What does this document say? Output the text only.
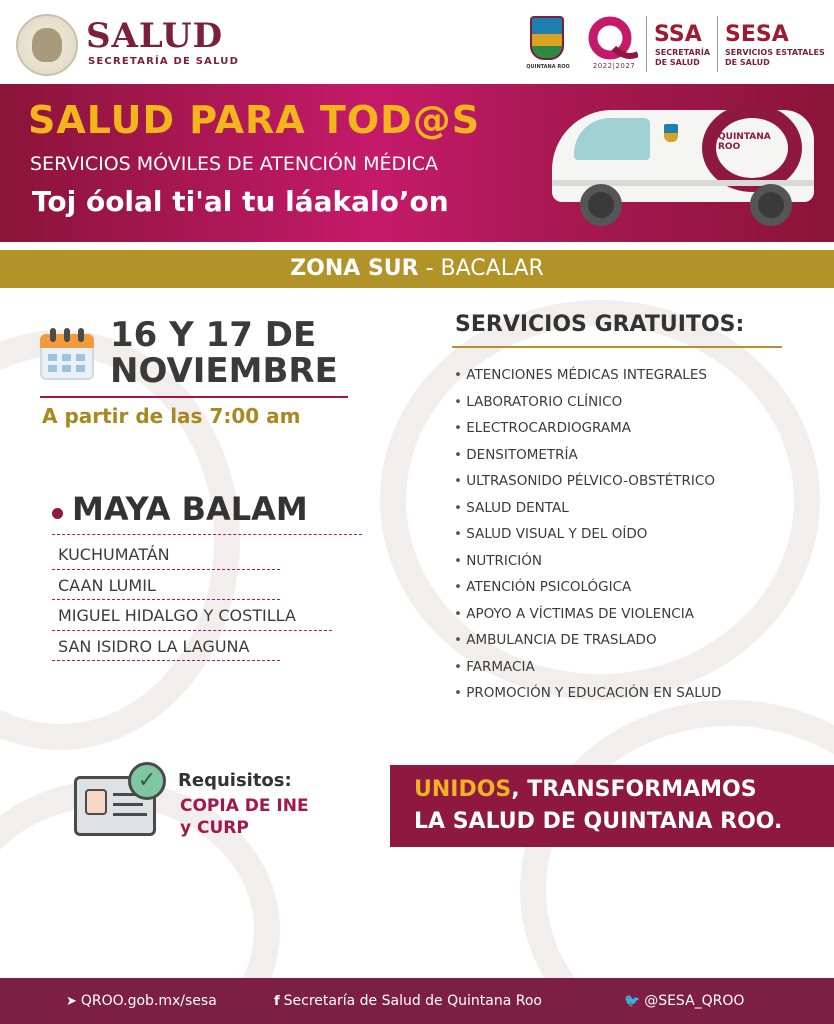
SALUD
SECRETARÍA DE SALUD	QUINTANA ROO	2022|2027
SSA
SECRETARÍA
DE SALUD
SESA
SERVICIOS ESTATALES
DE SALUD
SALUD PARA TOD@S
SERVICIOS MÓVILES DE ATENCIÓN MÉDICA
Toj óolal ti'al tu láakalo’on
QUINTANA
ROO
ZONA SUR - BACALAR
16 Y 17 DE
NOVIEMBRE
A partir de las 7:00 am
MAYA BALAM
KUCHUMATÁN
CAAN LUMIL
MIGUEL HIDALGO Y COSTILLA
SAN ISIDRO LA LAGUNA
SERVICIOS GRATUITOS:
• ATENCIONES MÉDICAS INTEGRALES
• LABORATORIO CLÍNICO
• ELECTROCARDIOGRAMA
• DENSITOMETRÍA
• ULTRASONIDO PÉLVICO-OBSTÉTRICO
• SALUD DENTAL
• SALUD VISUAL Y DEL OÍDO
• NUTRICIÓN
• ATENCIÓN PSICOLÓGICA
• APOYO A VÍCTIMAS DE VIOLENCIA
• AMBULANCIA DE TRASLADO
• FARMACIA
• PROMOCIÓN Y EDUCACIÓN EN SALUD
✓	Requisitos:
COPIA DE INE
y CURP
UNIDOS, TRANSFORMAMOS
LA SALUD DE QUINTANA ROO.
➤ QROO.gob.mx/sesa	f Secretaría de Salud de Quintana Roo	🐦 @SESA_QROO
